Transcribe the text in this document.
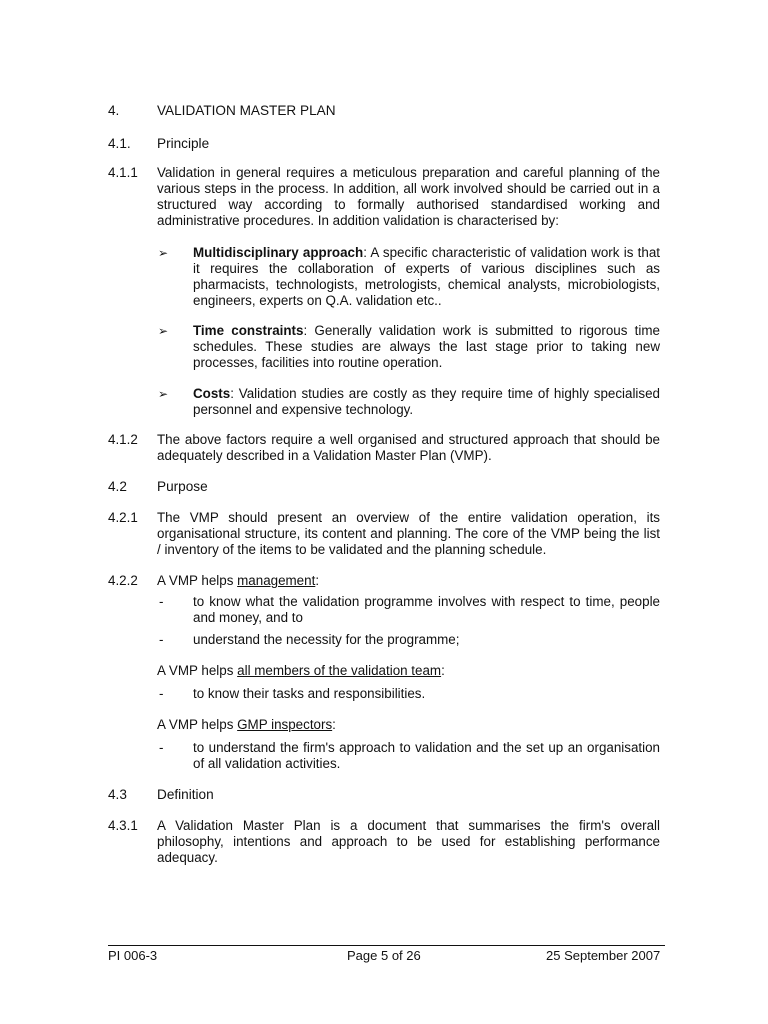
4.	VALIDATION MASTER PLAN
4.1. Principle
4.1.1 Validation in general requires a meticulous preparation and careful planning of the various steps in the process. In addition, all work involved should be carried out in a structured way according to formally authorised standardised working and administrative procedures. In addition validation is characterised by:
➢ Multidisciplinary approach: A specific characteristic of validation work is that it requires the collaboration of experts of various disciplines such as pharmacists, technologists, metrologists, chemical analysts, microbiologists, engineers, experts on Q.A. validation etc..
➢ Time constraints: Generally validation work is submitted to rigorous time schedules. These studies are always the last stage prior to taking new processes, facilities into routine operation.
➢ Costs: Validation studies are costly as they require time of highly specialised personnel and expensive technology.
4.1.2 The above factors require a well organised and structured approach that should be adequately described in a Validation Master Plan (VMP).
4.2 Purpose
4.2.1 The VMP should present an overview of the entire validation operation, its organisational structure, its content and planning. The core of the VMP being the list / inventory of the items to be validated and the planning schedule.
4.2.2 A VMP helps management:
- to know what the validation programme involves with respect to time, people and money, and to
- understand the necessity for the programme;
A VMP helps all members of the validation team:
- to know their tasks and responsibilities.
A VMP helps GMP inspectors:
- to understand the firm's approach to validation and the set up an organisation of all validation activities.
4.3 Definition
4.3.1 A Validation Master Plan is a document that summarises the firm's overall philosophy, intentions and approach to be used for establishing performance adequacy.
PI 006-3	Page 5 of 26	25 September 2007
